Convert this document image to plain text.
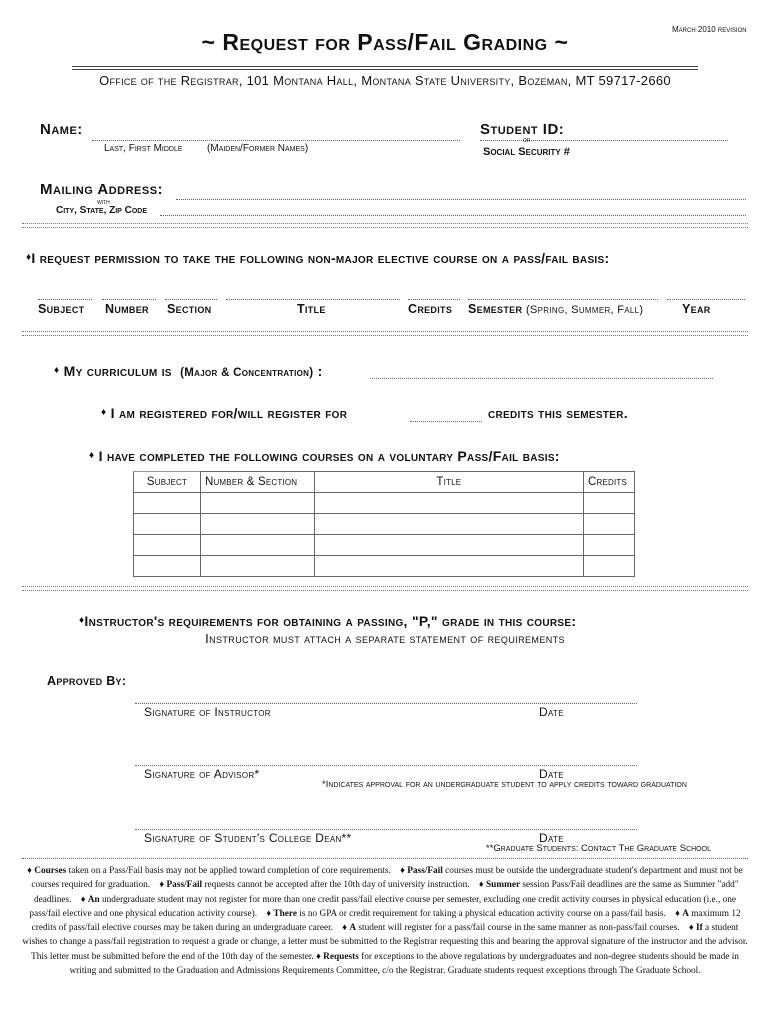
March 2010 revision
~ Request for Pass/Fail Grading ~
Office of the Registrar, 101 Montana Hall, Montana State University, Bozeman, MT 59717-2660
Name:
Last, First Middle (Maiden/Former Names)
Student ID:
or
Social Security #
Mailing Address:
with
City, State, Zip Code
♦I request permission to take the following non-major elective course on a pass/fail basis:
Subject Number Section	Title	Credits Semester (Spring, Summer, Fall)	Year
♦ My curriculum is (Major & Concentration) :
♦ I am registered for/will register for	credits this semester.
♦ I have completed the following courses on a voluntary Pass/Fail basis:
Subject	Number & Section	Title	Credits

♦Instructor's requirements for obtaining a passing, "P," grade in this course:
Instructor must attach a separate statement of requirements
Approved By:
Signature of Instructor	Date
Signature of Advisor*	Date
*Indicates approval for an undergraduate student to apply credits toward graduation
Signature of Student's College Dean**	Date
**Graduate Students: Contact The Graduate School
♦ Courses taken on a Pass/Fail basis may not be applied toward completion of core requirements. ♦ Pass/Fail courses must be outside the undergraduate student's department and must not be courses required for graduation. ♦ Pass/Fail requests cannot be accepted after the 10th day of university instruction. ♦ Summer session Pass/Fail deadlines are the same as Summer "add" deadlines. ♦ An undergraduate student may not register for more than one credit pass/fail elective course per semester, excluding one credit activity courses in physical education (i.e., one pass/fail elective and one physical education activity course). ♦ There is no GPA or credit requirement for taking a physical education activity course on a pass/fail basis. ♦ A maximum 12 credits of pass/fail elective courses may be taken during an undergraduate career. ♦ A student will register for a pass/fail course in the same manner as non-pass/fail courses. ♦ If a student wishes to change a pass/fail registration to request a grade or change, a letter must be submitted to the Registrar requesting this and bearing the approval signature of the instructor and the advisor. This letter must be submitted before the end of the 10th day of the semester. ♦ Requests for exceptions to the above regulations by undergraduates and non-degree students should be made in writing and submitted to the Graduation and Admissions Requirements Committee, c/o the Registrar. Graduate students request exceptions through The Graduate School.
